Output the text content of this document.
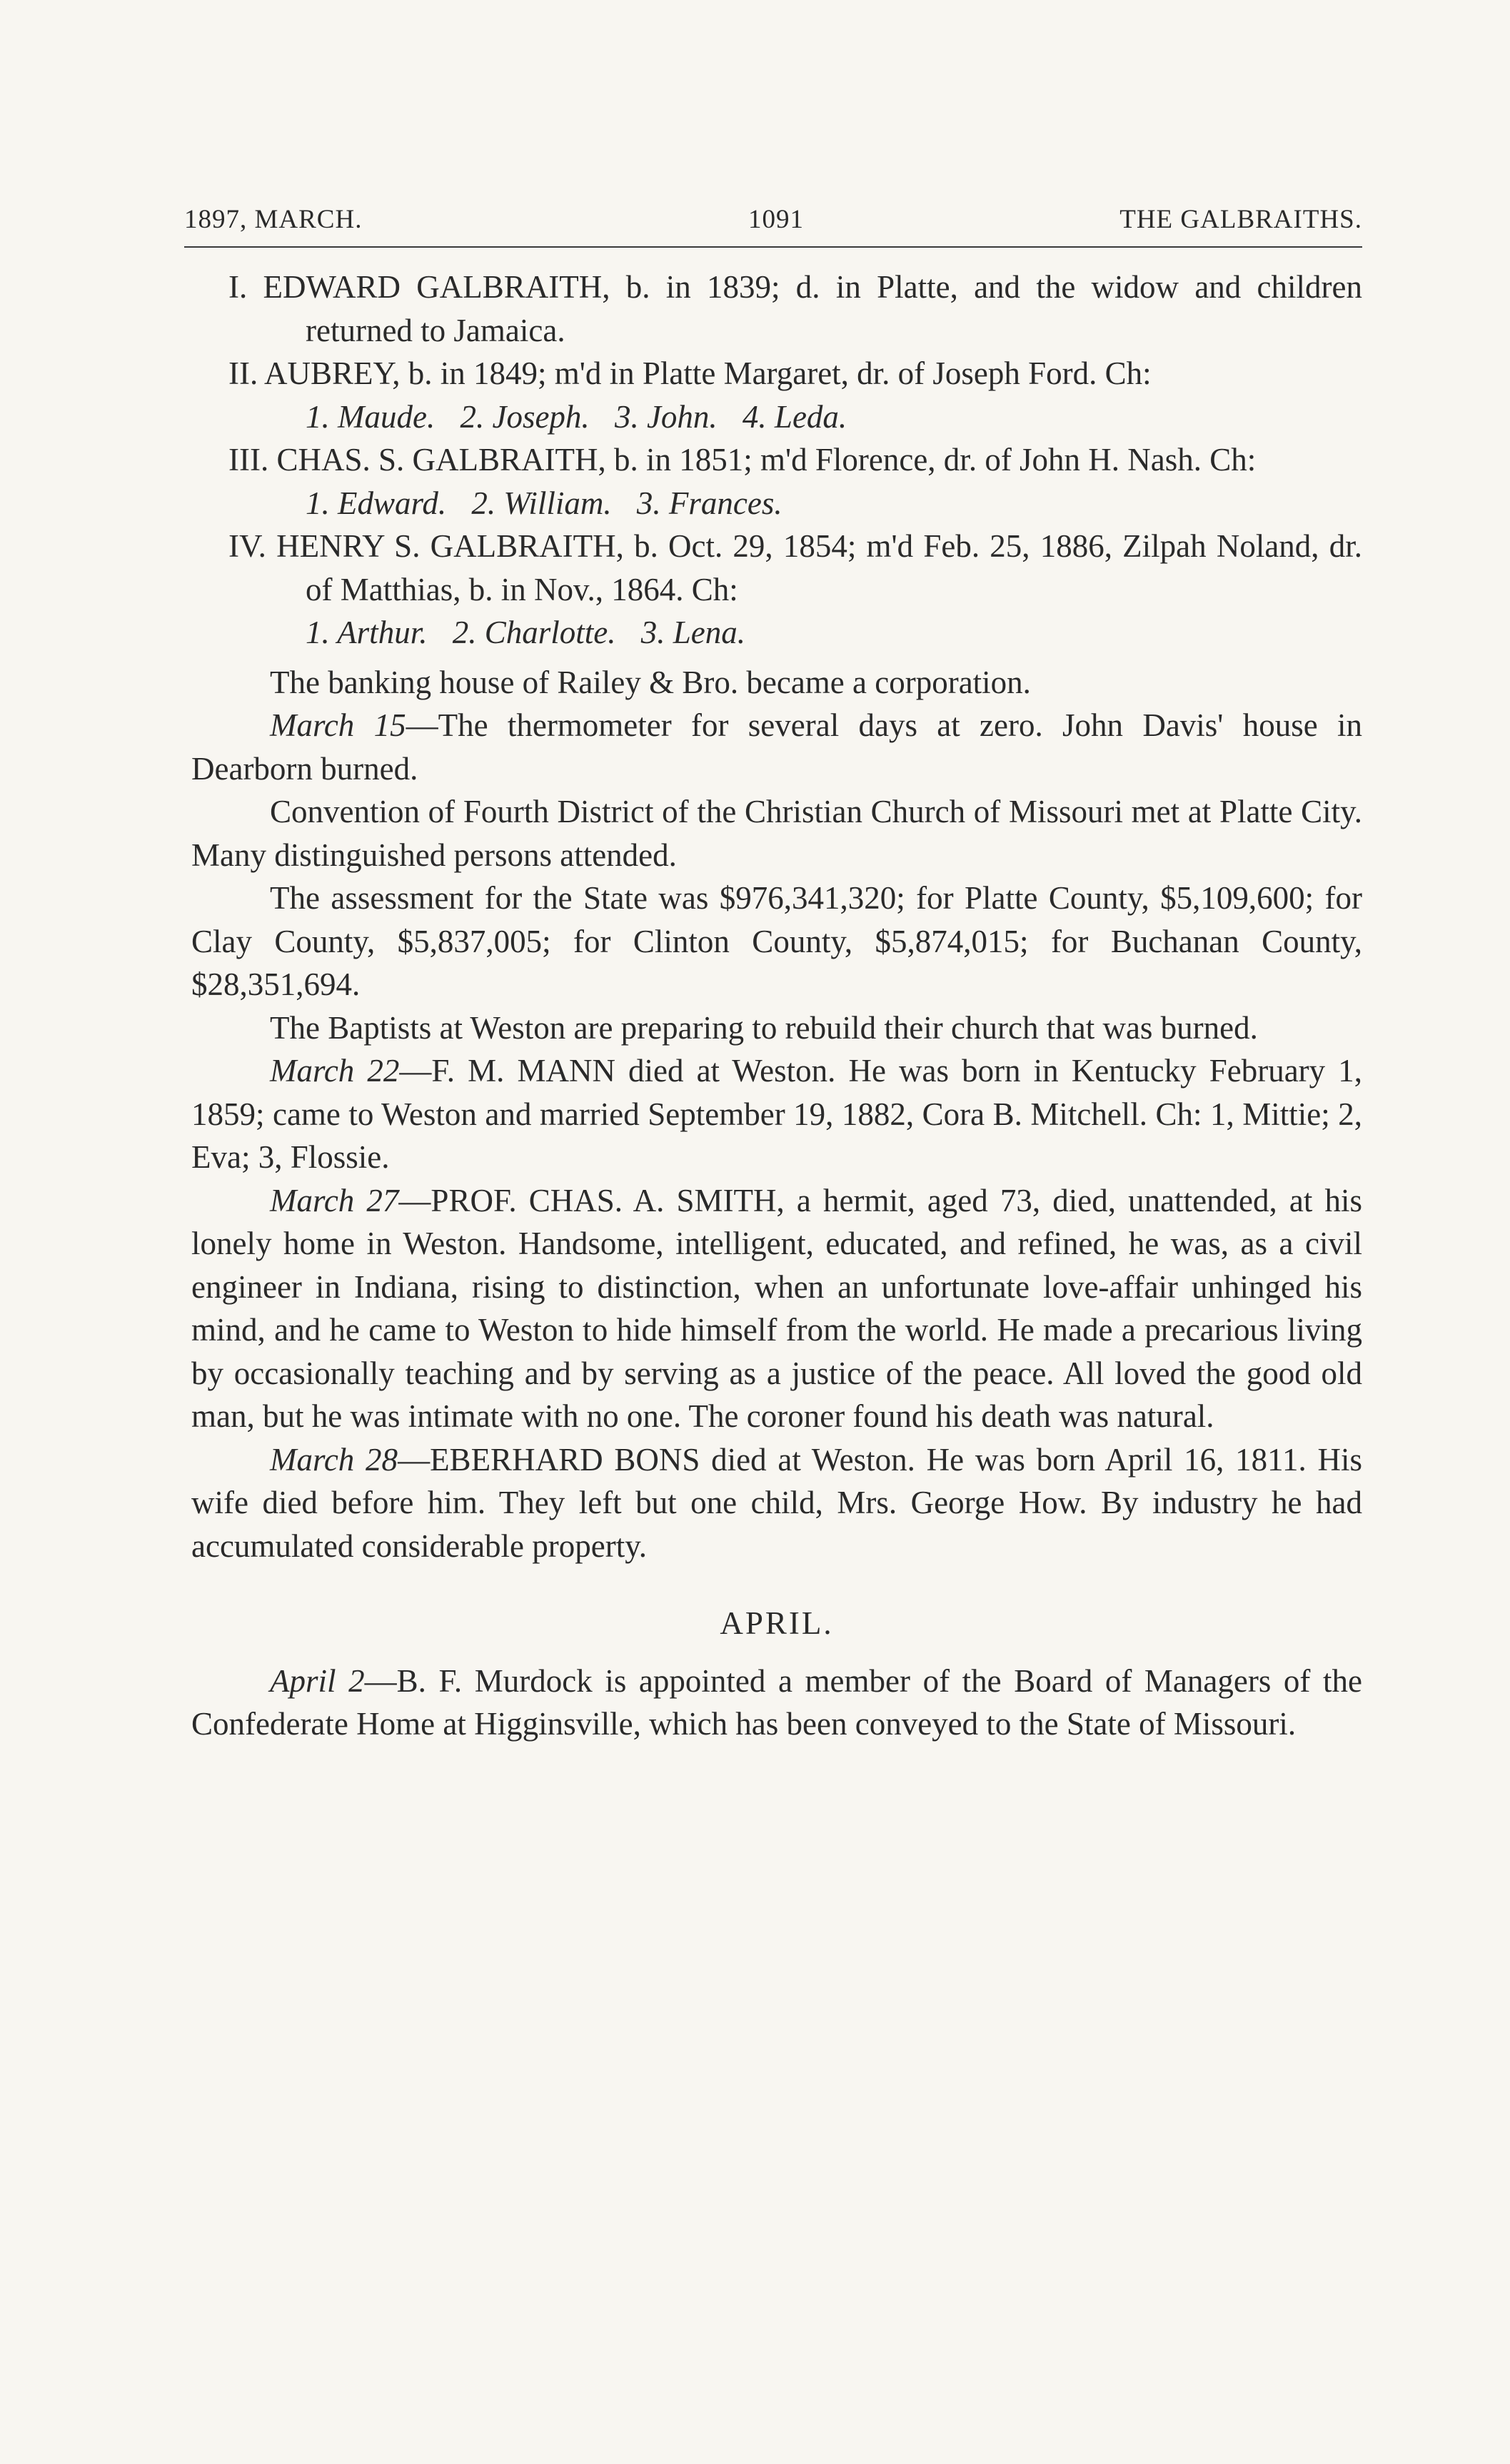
1897, MARCH.	1091	THE GALBRAITHS.

I. EDWARD GALBRAITH, b. in 1839; d. in Platte, and the widow and children returned to Jamaica.

II. AUBREY, b. in 1849; m'd in Platte Margaret, dr. of Joseph Ford. Ch:

1. Maude. 2. Joseph. 3. John. 4. Leda.

III. CHAS. S. GALBRAITH, b. in 1851; m'd Florence, dr. of John H. Nash. Ch:

1. Edward. 2. William. 3. Frances.

IV. HENRY S. GALBRAITH, b. Oct. 29, 1854; m'd Feb. 25, 1886, Zilpah Noland, dr. of Matthias, b. in Nov., 1864. Ch:

1. Arthur. 2. Charlotte. 3. Lena.

The banking house of Railey & Bro. became a corporation.

March 15—The thermometer for several days at zero. John Davis' house in Dearborn burned.

Convention of Fourth District of the Christian Church of Missouri met at Platte City. Many distinguished persons attended.

The assessment for the State was $976,341,320; for Platte County, $5,109,600; for Clay County, $5,837,005; for Clinton County, $5,874,015; for Buchanan County, $28,351,694.

The Baptists at Weston are preparing to rebuild their church that was burned.

March 22—F. M. MANN died at Weston. He was born in Kentucky February 1, 1859; came to Weston and married September 19, 1882, Cora B. Mitchell. Ch: 1, Mittie; 2, Eva; 3, Flossie.

March 27—PROF. CHAS. A. SMITH, a hermit, aged 73, died, unattended, at his lonely home in Weston. Handsome, intelligent, educated, and refined, he was, as a civil engineer in Indiana, rising to distinction, when an unfortunate love-affair unhinged his mind, and he came to Weston to hide himself from the world. He made a precarious living by occasionally teaching and by serving as a justice of the peace. All loved the good old man, but he was intimate with no one. The coroner found his death was natural.

March 28—EBERHARD BONS died at Weston. He was born April 16, 1811. His wife died before him. They left but one child, Mrs. George How. By industry he had accumulated considerable property.

APRIL.

April 2—B. F. Murdock is appointed a member of the Board of Managers of the Confederate Home at Higginsville, which has been conveyed to the State of Missouri.
